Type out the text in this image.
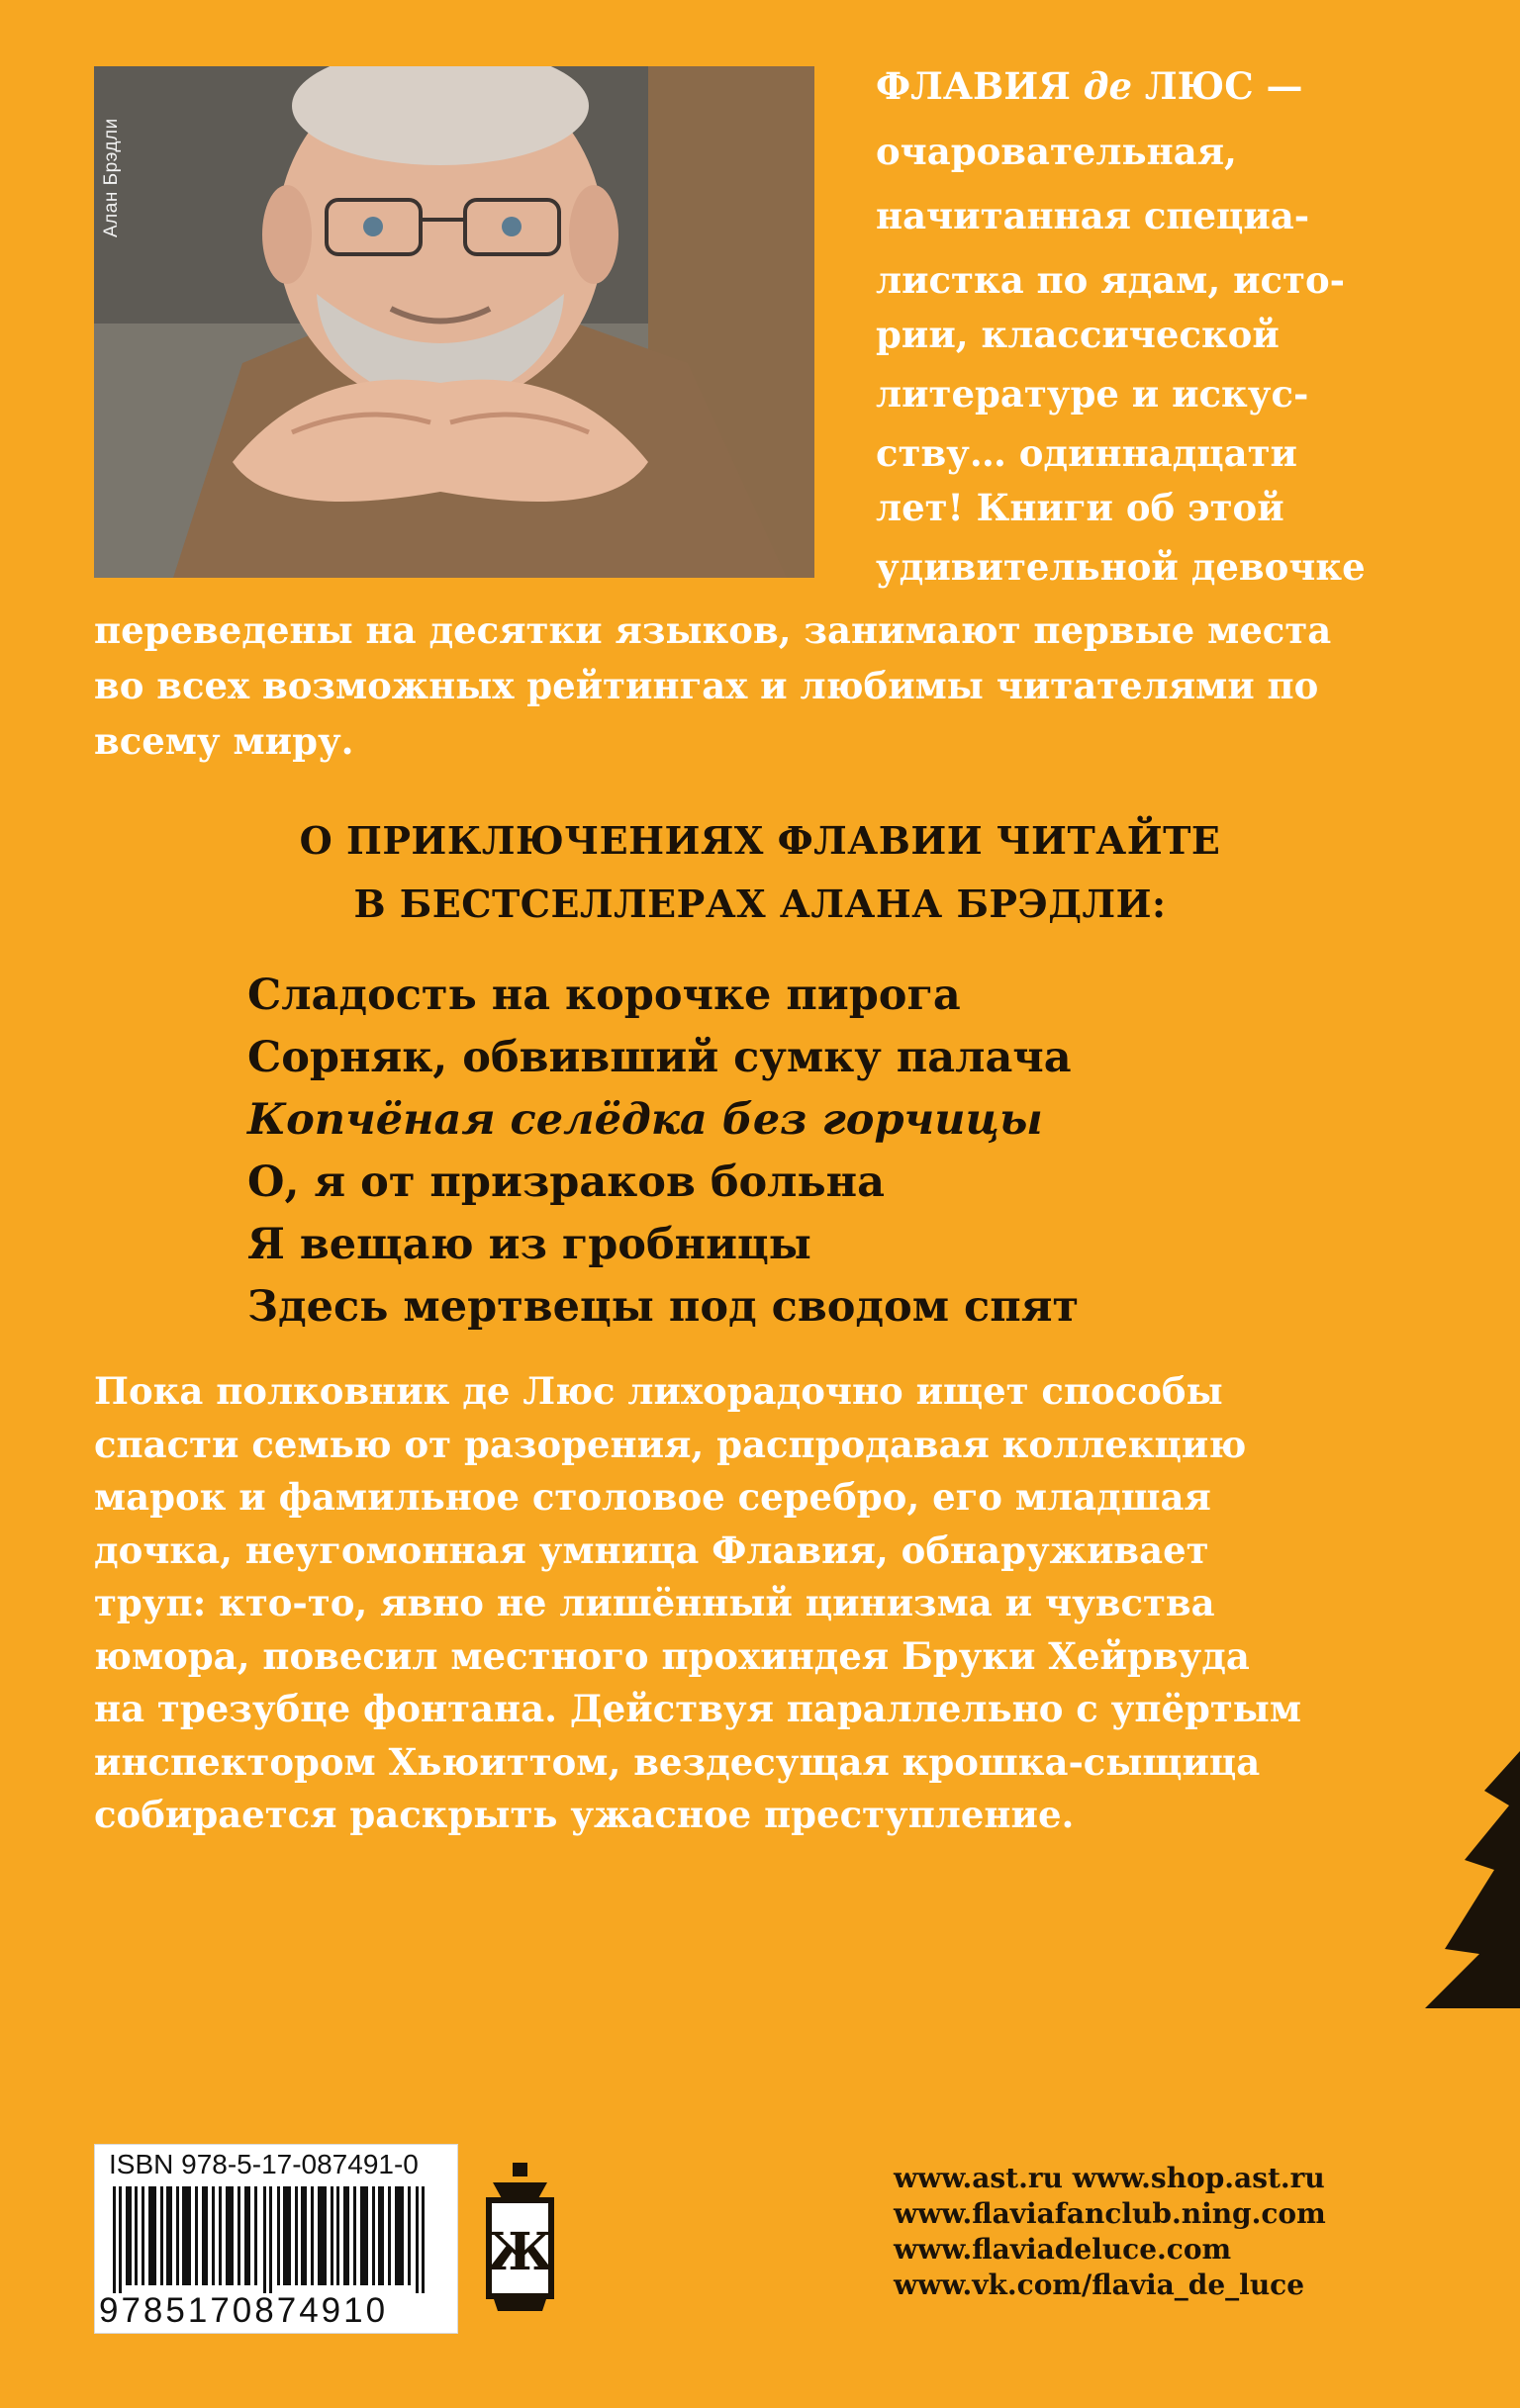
Алан Брэдли
ФЛАВИЯ де ЛЮС —
очаровательная,
начитанная специа-
листка по ядам, исто-
рии, классической
литературе и искус-
ству… одиннадцати
лет! Книги об этой
удивительной девочке
переведены на десятки языков, занимают первые места
во всех возможных рейтингах и любимы читателями по
всему миру.
О ПРИКЛЮЧЕНИЯХ ФЛАВИИ ЧИТАЙТЕ
В БЕСТСЕЛЛЕРАХ АЛАНА БРЭДЛИ:
Сладость на корочке пирога
Сорняк, обвивший сумку палача
Копчёная селёдка без горчицы
О, я от призраков больна
Я вещаю из гробницы
Здесь мертвецы под сводом спят
Пока полковник де Люс лихорадочно ищет способы
спасти семью от разорения, распродавая коллекцию
марок и фамильное столовое серебро, его младшая
дочка, неугомонная умница Флавия, обнаруживает
труп: кто-то, явно не лишённый цинизма и чувства
юмора, повесил местного прохиндея Бруки Хейрвуда
на трезубце фонтана. Действуя параллельно с упёртым
инспектором Хьюиттом, вездесущая крошка-сыщица
собирается раскрыть ужасное преступление.
ISBN 978-5-17-087491-0
9785170874910
Ж
www.ast.ru www.shop.ast.ru
www.flaviafanclub.ning.com
www.flaviadeluce.com
www.vk.com/flavia_de_luce
